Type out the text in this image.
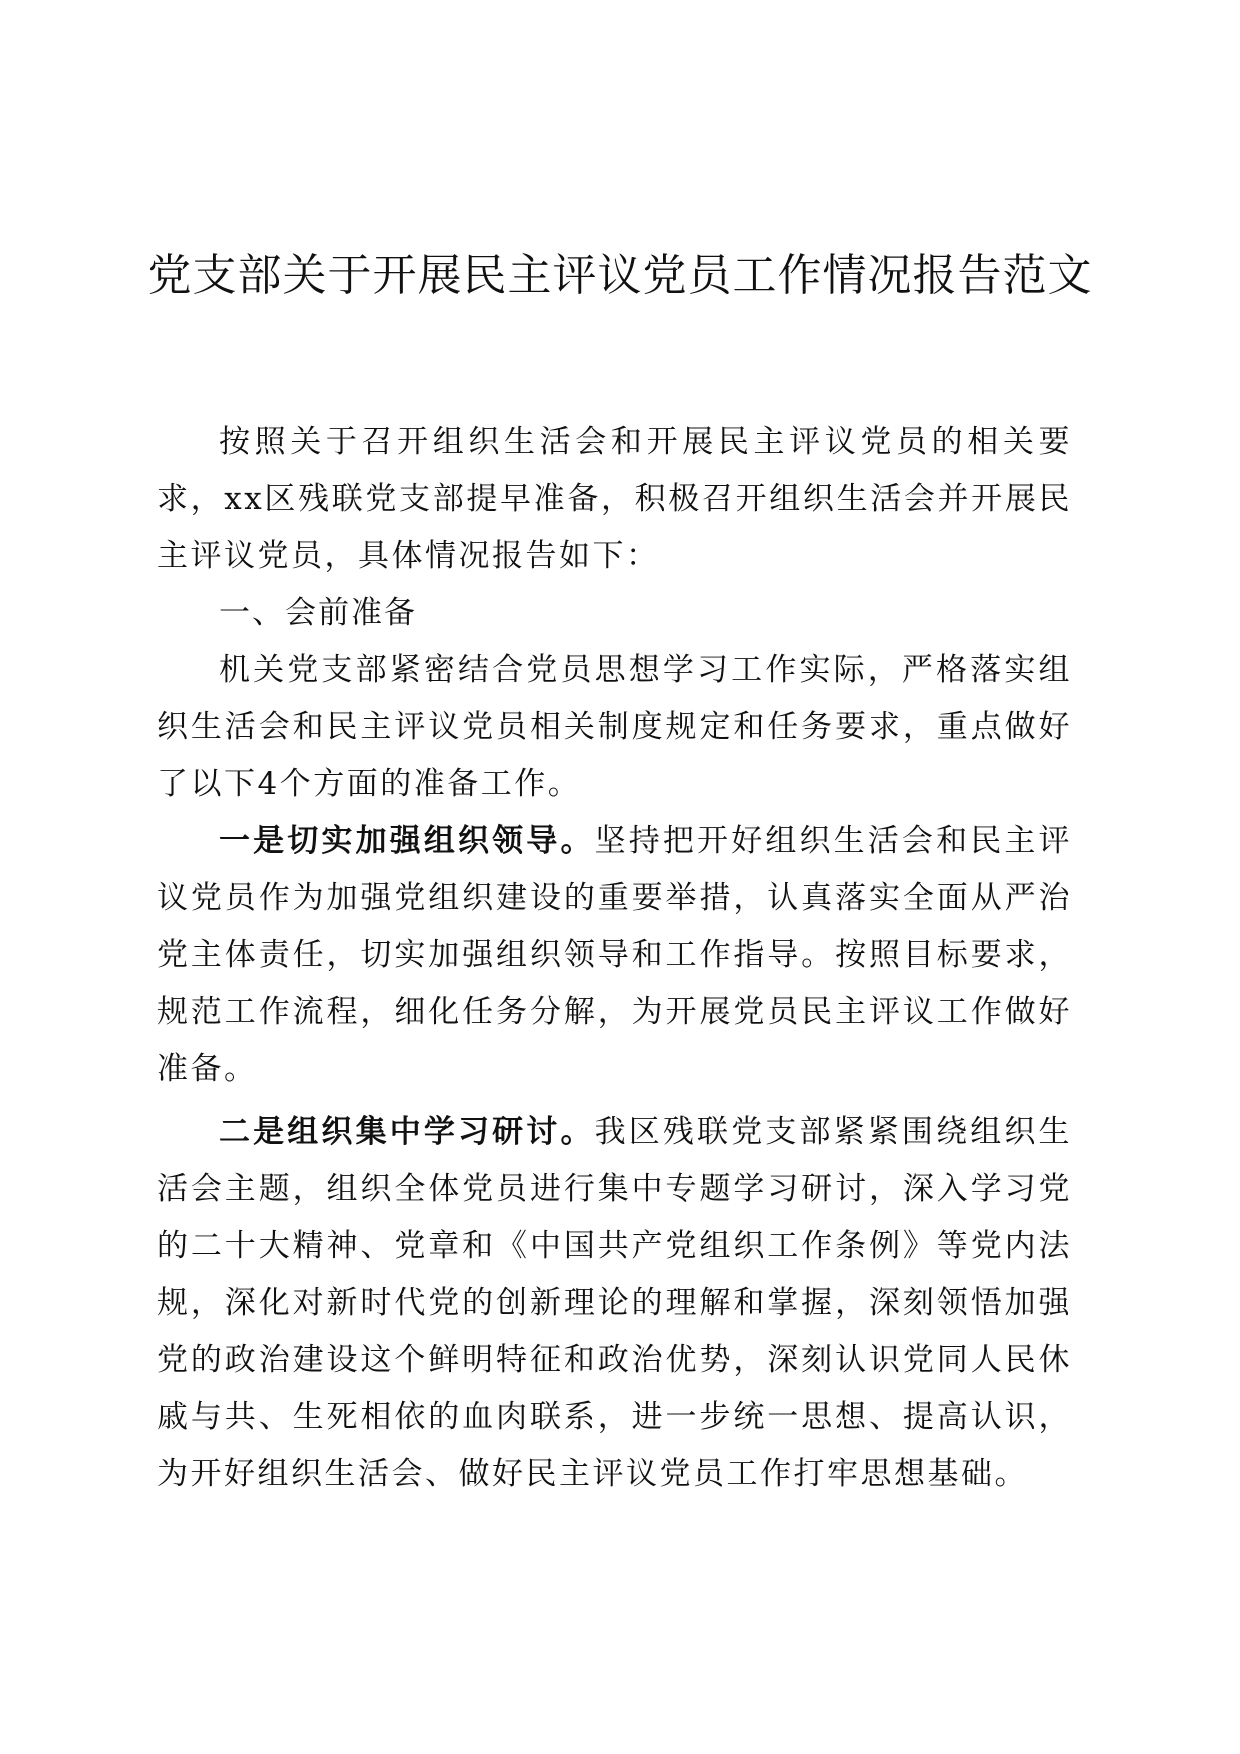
党支部关于开展民主评议党员工作情况报告范文

按照关于召开组织生活会和开展民主评议党员的相关要求，xx区残联党支部提早准备，积极召开组织生活会并开展民主评议党员，具体情况报告如下：

一、会前准备

机关党支部紧密结合党员思想学习工作实际，严格落实组织生活会和民主评议党员相关制度规定和任务要求，重点做好了以下4个方面的准备工作。

一是切实加强组织领导。坚持把开好组织生活会和民主评议党员作为加强党组织建设的重要举措，认真落实全面从严治党主体责任，切实加强组织领导和工作指导。按照目标要求，规范工作流程，细化任务分解，为开展党员民主评议工作做好准备。

二是组织集中学习研讨。我区残联党支部紧紧围绕组织生活会主题，组织全体党员进行集中专题学习研讨，深入学习党的二十大精神、党章和《中国共产党组织工作条例》等党内法规，深化对新时代党的创新理论的理解和掌握，深刻领悟加强党的政治建设这个鲜明特征和政治优势，深刻认识党同人民休戚与共、生死相依的血肉联系，进一步统一思想、提高认识，为开好组织生活会、做好民主评议党员工作打牢思想基础。
